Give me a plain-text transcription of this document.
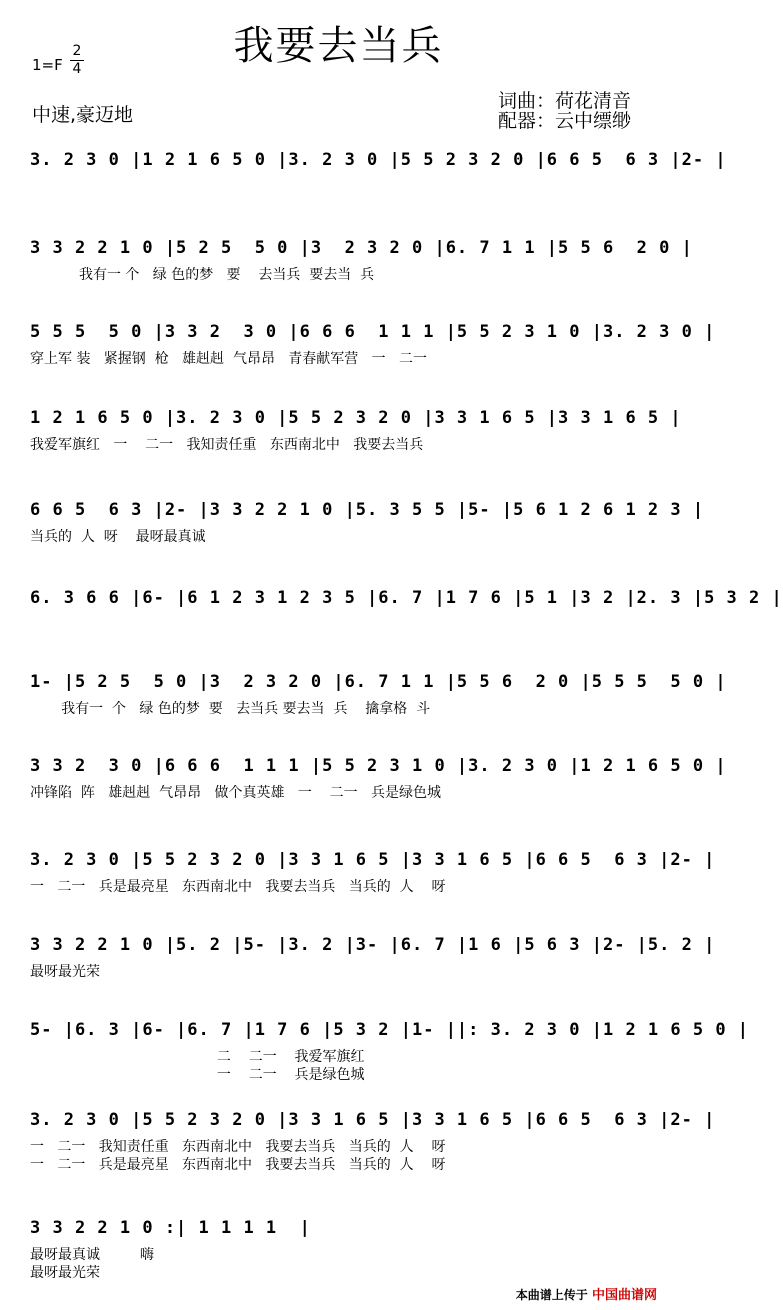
我要去当兵
1=F
2
4
中速,豪迈地
词曲：荷花清音
配器：云中缥缈
3. 2 3 0 |1 2 1 6 5 0 |3. 2 3 0 |5 5 2 3 2 0 |6 6 5  6 3 |2- |
3 3 2 2 1 0 |5 2 5  5 0 |3  2 3 2 0 |6. 7 1 1 |5 5 6  2 0 |
我有一 个   绿 色的梦   要    去当兵  要去当  兵
5 5 5  5 0 |3 3 2  3 0 |6 6 6  1 1 1 |5 5 2 3 1 0 |3. 2 3 0 |
穿上军 装   紧握钢  枪   雄赳赳  气昂昂   青春献军营   一   二一
1 2 1 6 5 0 |3. 2 3 0 |5 5 2 3 2 0 |3 3 1 6 5 |3 3 1 6 5 |
我爱军旗红   一    二一   我知责任重   东西南北中   我要去当兵
6 6 5  6 3 |2- |3 3 2 2 1 0 |5. 3 5 5 |5- |5 6 1 2 6 1 2 3 |
当兵的  人  呀    最呀最真诚
6. 3 6 6 |6- |6 1 2 3 1 2 3 5 |6. 7 |1 7 6 |5 1 |3 2 |2. 3 |5 3 2 |
1- |5 2 5  5 0 |3  2 3 2 0 |6. 7 1 1 |5 5 6  2 0 |5 5 5  5 0 |
我有一  个   绿 色的梦  要   去当兵 要去当  兵    擒拿格  斗
3 3 2  3 0 |6 6 6  1 1 1 |5 5 2 3 1 0 |3. 2 3 0 |1 2 1 6 5 0 |
冲锋陷  阵   雄赳赳  气昂昂   做个真英雄   一    二一   兵是绿色城
3. 2 3 0 |5 5 2 3 2 0 |3 3 1 6 5 |3 3 1 6 5 |6 6 5  6 3 |2- |
一   二一   兵是最亮星   东西南北中   我要去当兵   当兵的  人    呀
3 3 2 2 1 0 |5. 2 |5- |3. 2 |3- |6. 7 |1 6 |5 6 3 |2- |5. 2 |
最呀最光荣
5- |6. 3 |6- |6. 7 |1 7 6 |5 3 2 |1- ||: 3. 2 3 0 |1 2 1 6 5 0 |
二    二一    我爱军旗红
一    二一    兵是绿色城
3. 2 3 0 |5 5 2 3 2 0 |3 3 1 6 5 |3 3 1 6 5 |6 6 5  6 3 |2- |
一   二一   我知责任重   东西南北中   我要去当兵   当兵的  人    呀
一   二一   兵是最亮星   东西南北中   我要去当兵   当兵的  人    呀
3 3 2 2 1 0 :| 1 1 1 1  |
最呀最真诚         嗨
最呀最光荣
本曲谱上传于 中国曲谱网
